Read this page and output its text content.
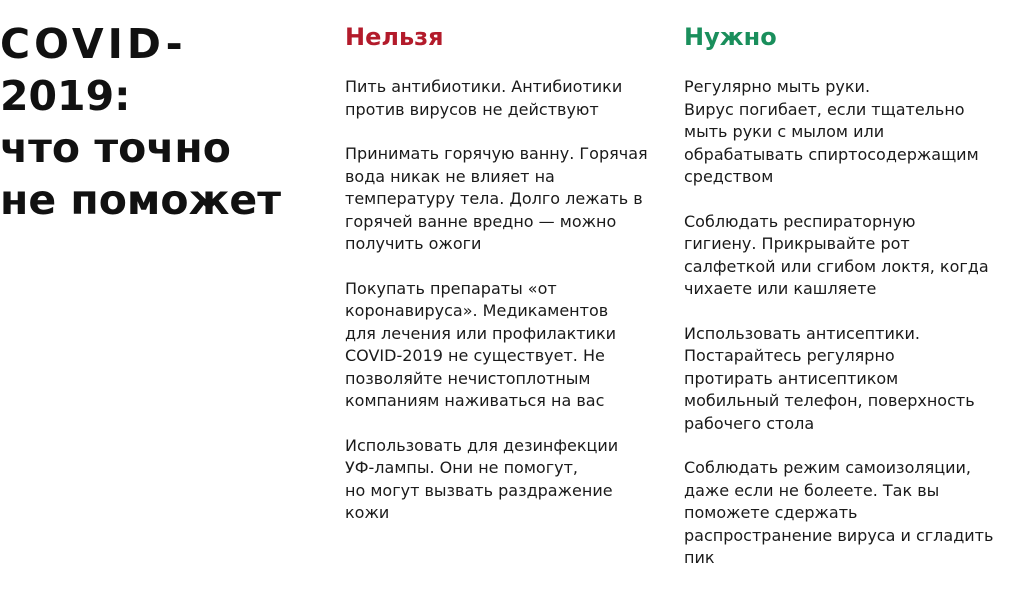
COVID-
2019:
что точно
не поможет
Нельзя

Пить антибиотики. Антибиотики
против вирусов не действуют

Принимать горячую ванну. Горячая
вода никак не влияет на
температуру тела. Долго лежать в
горячей ванне вредно — можно
получить ожоги

Покупать препараты «от
коронавируса». Медикаментов
для лечения или профилактики
COVID-2019 не существует. Не
позволяйте нечистоплотным
компаниям наживаться на вас

Использовать для дезинфекции
УФ-лампы. Они не помогут,
но могут вызвать раздражение
кожи

Нужно

Регулярно мыть руки.
Вирус погибает, если тщательно
мыть руки с мылом или
обрабатывать спиртосодержащим
средством

Соблюдать респираторную
гигиену. Прикрывайте рот
салфеткой или сгибом локтя, когда
чихаете или кашляете

Использовать антисептики.
Постарайтесь регулярно
протирать антисептиком
мобильный телефон, поверхность
рабочего стола

Соблюдать режим самоизоляции,
даже если не болеете. Так вы
поможете сдержать
распространение вируса и сгладить
пик
